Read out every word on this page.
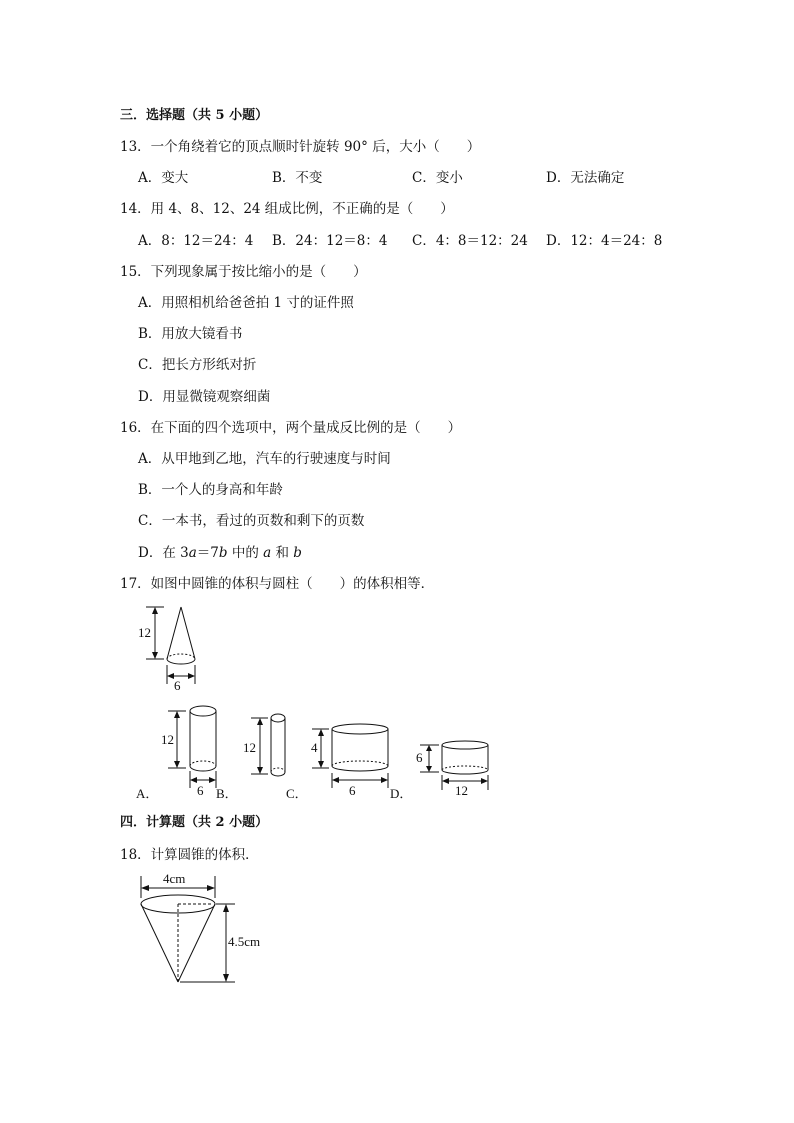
三．选择题（共 5 小题）
13．一个角绕着它的顶点顺时针旋转 90° 后，大小（　　）
A．变大	B．不变	C．变小	D．无法确定
14．用 4、8、12、24 组成比例，不正确的是（　　）
A．8：12＝24：4 B．24：12＝8：4 C．4：8＝12：24 D．12：4＝24：8
15．下列现象属于按比缩小的是（　　）
A．用照相机给爸爸拍 1 寸的证件照
B．用放大镜看书
C．把长方形纸对折
D．用显微镜观察细菌
16．在下面的四个选项中，两个量成反比例的是（　　）
A．从甲地到乙地，汽车的行驶速度与时间
B．一个人的身高和年龄
C．一本书，看过的页数和剩下的页数
D．在 3a＝7b 中的 a 和 b
17．如图中圆锥的体积与圆柱（　　）的体积相等．
12
6
12
6
A．	B．
12
C．
4
6	D．
6
12
4cm
4.5cm
四．计算题（共 2 小题）
18．计算圆锥的体积．
